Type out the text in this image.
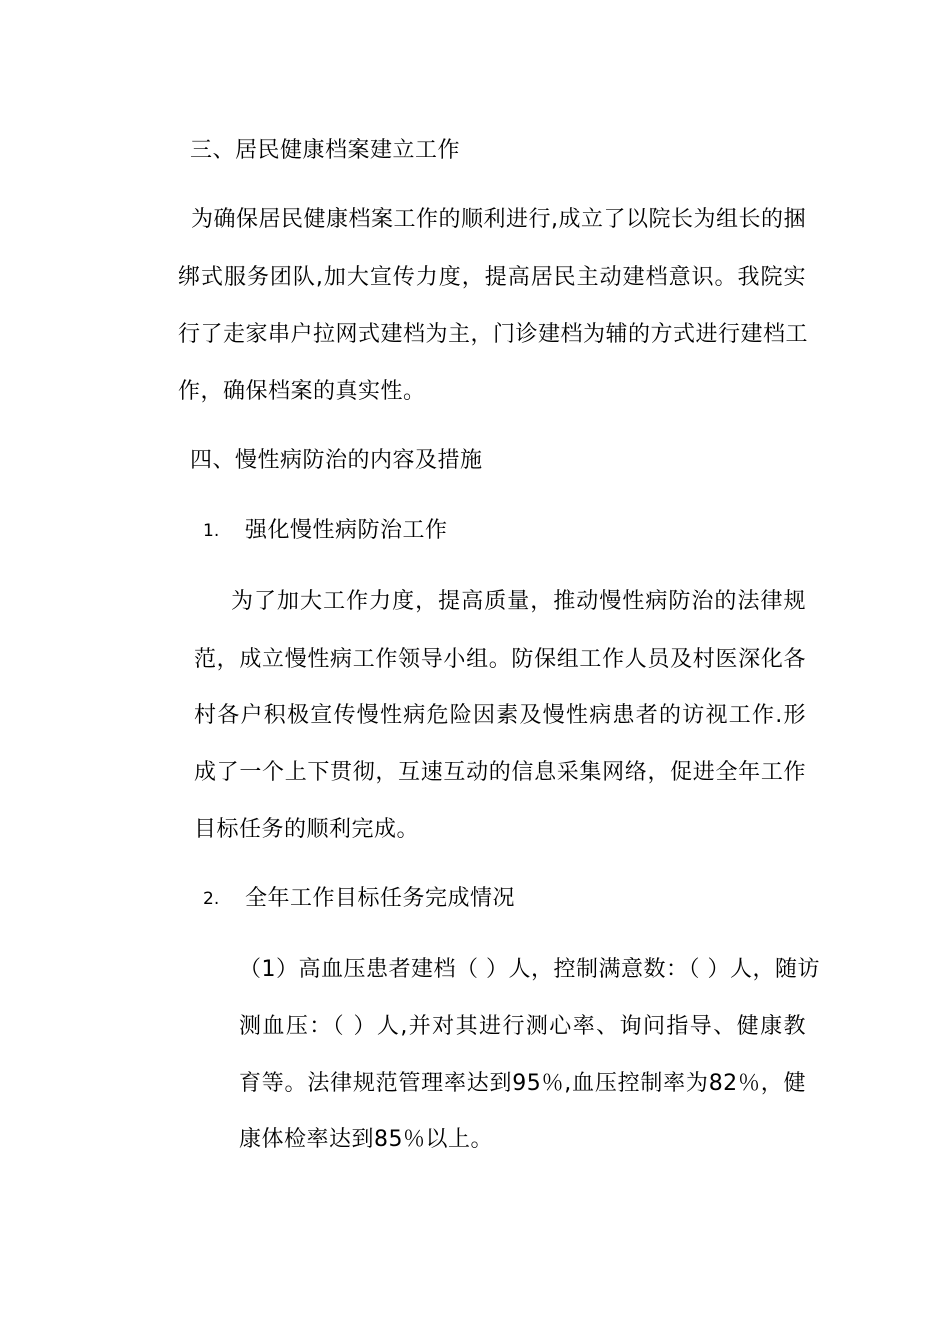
三、居民健康档案建立工作
为确保居民健康档案工作的顺利进行,成立了以院长为组长的捆
绑式服务团队,加大宣传力度，提高居民主动建档意识。我院实
行了走家串户拉网式建档为主，门诊建档为辅的方式进行建档工
作，确保档案的真实性。
四、慢性病防治的内容及措施
1. 强化慢性病防治工作
为了加大工作力度，提高质量，推动慢性病防治的法律规
范，成立慢性病工作领导小组。防保组工作人员及村医深化各
村各户积极宣传慢性病危险因素及慢性病患者的访视工作.形
成了一个上下贯彻，互速互动的信息采集网络，促进全年工作
目标任务的顺利完成。
2. 全年工作目标任务完成情况
（1）高血压患者建档（ ）人，控制满意数：（ ）人，随访
测血压：（ ）人,并对其进行测心率、询问指导、健康教
育等。法律规范管理率达到95％,血压控制率为82％，健
康体检率达到85％以上。
